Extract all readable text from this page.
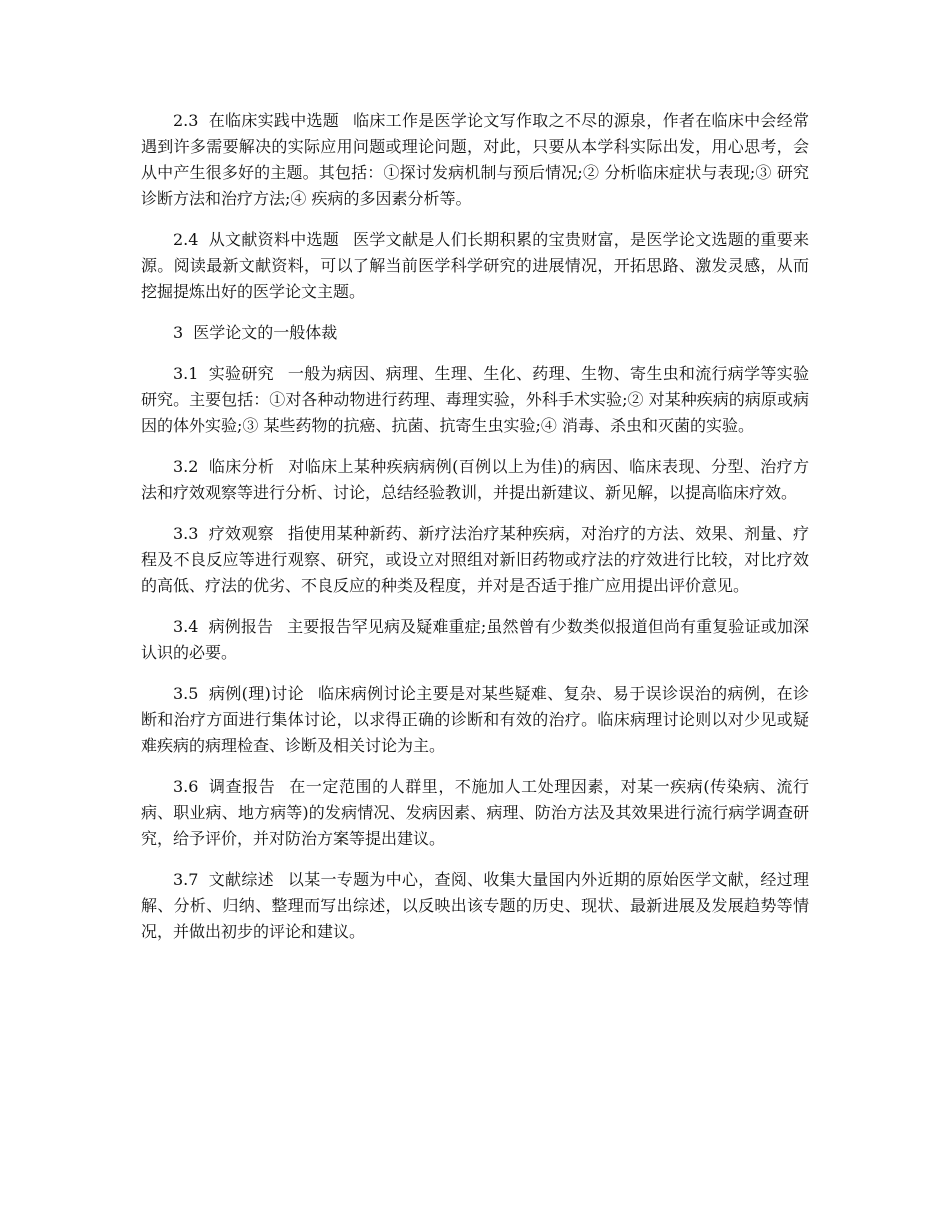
2.3 在临床实践中选题 临床工作是医学论文写作取之不尽的源泉，作者在临床中会经常遇到许多需要解决的实际应用问题或理论问题，对此，只要从本学科实际出发，用心思考，会从中产生很多好的主题。其包括：①探讨发病机制与预后情况;② 分析临床症状与表现;③ 研究诊断方法和治疗方法;④ 疾病的多因素分析等。

2.4 从文献资料中选题 医学文献是人们长期积累的宝贵财富，是医学论文选题的重要来源。阅读最新文献资料，可以了解当前医学科学研究的进展情况，开拓思路、激发灵感，从而挖掘提炼出好的医学论文主题。

3 医学论文的一般体裁

3.1 实验研究 一般为病因、病理、生理、生化、药理、生物、寄生虫和流行病学等实验研究。主要包括：①对各种动物进行药理、毒理实验，外科手术实验;② 对某种疾病的病原或病因的体外实验;③ 某些药物的抗癌、抗菌、抗寄生虫实验;④ 消毒、杀虫和灭菌的实验。

3.2 临床分析 对临床上某种疾病病例(百例以上为佳)的病因、临床表现、分型、治疗方法和疗效观察等进行分析、讨论，总结经验教训，并提出新建议、新见解，以提高临床疗效。

3.3 疗效观察 指使用某种新药、新疗法治疗某种疾病，对治疗的方法、效果、剂量、疗程及不良反应等进行观察、研究，或设立对照组对新旧药物或疗法的疗效进行比较，对比疗效的高低、疗法的优劣、不良反应的种类及程度，并对是否适于推广应用提出评价意见。

3.4 病例报告 主要报告罕见病及疑难重症;虽然曾有少数类似报道但尚有重复验证或加深认识的必要。

3.5 病例(理)讨论 临床病例讨论主要是对某些疑难、复杂、易于误诊误治的病例，在诊断和治疗方面进行集体讨论，以求得正确的诊断和有效的治疗。临床病理讨论则以对少见或疑难疾病的病理检查、诊断及相关讨论为主。

3.6 调查报告 在一定范围的人群里，不施加人工处理因素，对某一疾病(传染病、流行病、职业病、地方病等)的发病情况、发病因素、病理、防治方法及其效果进行流行病学调查研究，给予评价，并对防治方案等提出建议。

3.7 文献综述 以某一专题为中心，查阅、收集大量国内外近期的原始医学文献，经过理解、分析、归纳、整理而写出综述，以反映出该专题的历史、现状、最新进展及发展趋势等情况，并做出初步的评论和建议。
